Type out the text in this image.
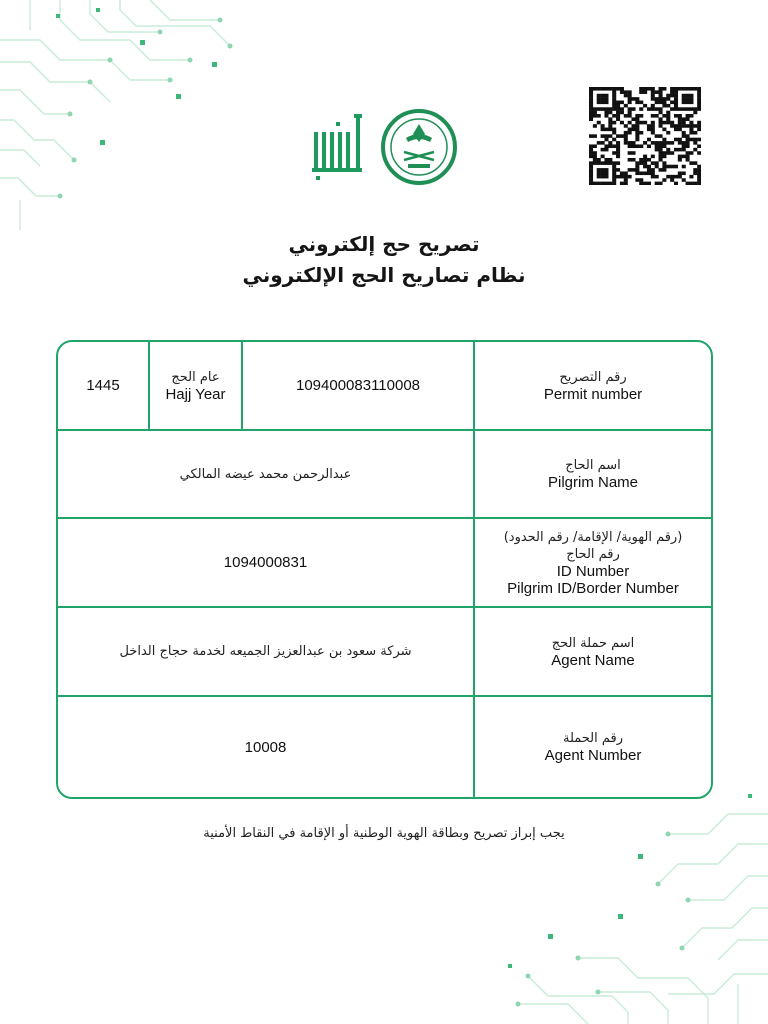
تصريح حج إلكتروني
نظام تصاريح الحج الإلكتروني
رقم التصريح
Permit number
10940008311000‪8‬
عام الحج
Hajj Year
1445
اسم الحاج
Pilgrim Name
عبدالرحمن محمد عيضه المالكي
(رقم الهوية/ الإقامة/ رقم الحدود)
رقم الحاج
ID Number
Pilgrim ID/Border Number
1094000831
اسم حملة الحج
Agent Name
شركة سعود بن عبدالعزيز الجميعه لخدمة حجاج الداخل
رقم الحملة
Agent Number
10008
يجب إبراز تصريح وبطاقة الهوية الوطنية أو الإقامة في النقاط الأمنية
